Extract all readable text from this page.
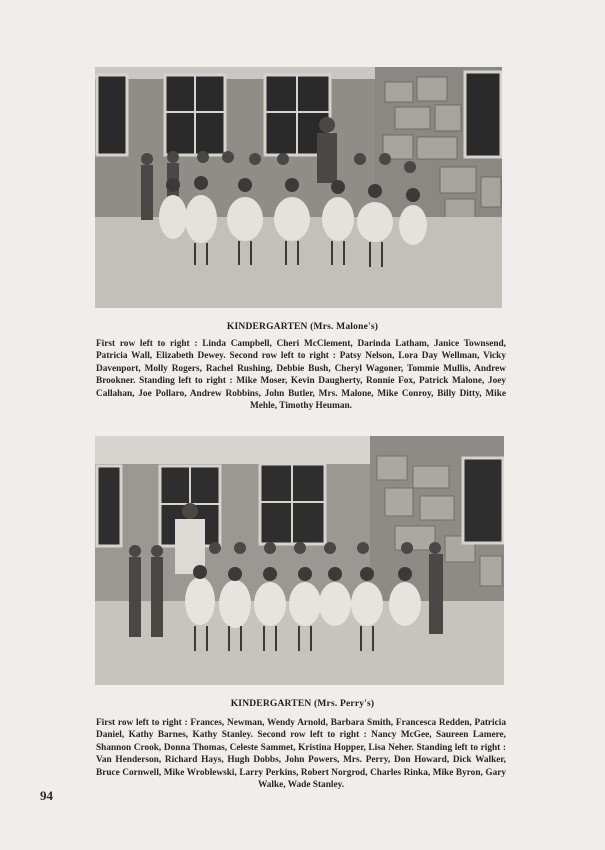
KINDERGARTEN (Mrs. Malone's)
First row left to right : Linda Campbell, Cheri McClement, Darinda Latham, Janice Townsend, Patricia Wall, Elizabeth Dewey. Second row left to right : Patsy Nelson, Lora Day Wellman, Vicky Davenport, Molly Rogers, Rachel Rushing, Debbie Bush, Cheryl Wagoner, Tommie Mullis, Andrew Brookner. Standing left to right : Mike Moser, Kevin Daugherty, Ronnie Fox, Patrick Malone, Joey Callahan, Joe Pollaro, Andrew Robbins, John Butler, Mrs. Malone, Mike Conroy, Billy Ditty, Mike Mehle, Timothy Heuman.
KINDERGARTEN (Mrs. Perry's)
First row left to right : Frances, Newman, Wendy Arnold, Barbara Smith, Francesca Redden, Patricia Daniel, Kathy Barnes, Kathy Stanley. Second row left to right : Nancy McGee, Saureen Lamere, Shannon Crook, Donna Thomas, Celeste Sammet, Kristina Hopper, Lisa Neher. Standing left to right : Van Henderson, Richard Hays, Hugh Dobbs, John Powers, Mrs. Perry, Don Howard, Dick Walker, Bruce Cornwell, Mike Wroblewski, Larry Perkins, Robert Norgrod, Charles Rinka, Mike Byron, Gary Walke, Wade Stanley.
94
